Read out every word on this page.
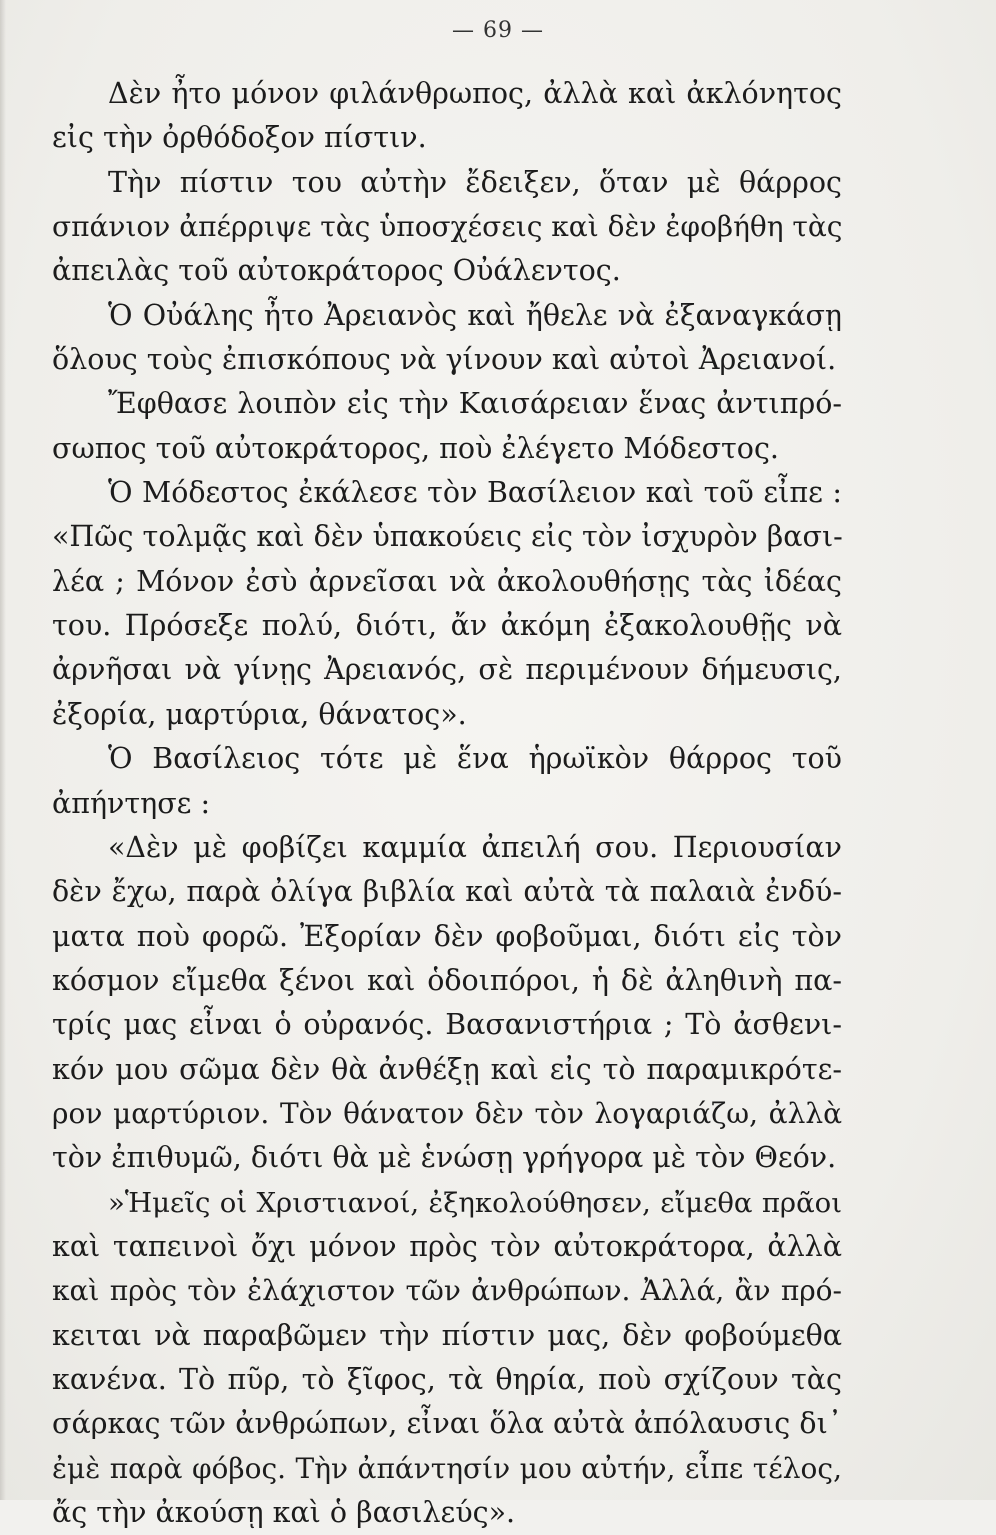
— 69 —
Δὲν ἦτο μόνον φιλάνθρωπος, ἀλλὰ καὶ ἀκλόνητος
εἰς τὴν ὀρθόδοξον πίστιν.
Τὴν πίστιν του αὐτὴν ἔδειξεν, ὅταν μὲ θάρρος
σπάνιον ἀπέρριψε τὰς ὑποσχέσεις καὶ δὲν ἐφοβήθη τὰς
ἀπειλὰς τοῦ αὐτοκράτορος Οὐάλεντος.
Ὁ Οὐάλης ἦτο Ἀρειανὸς καὶ ἤθελε νὰ ἐξαναγκάσῃ
ὅλους τοὺς ἐπισκόπους νὰ γίνουν καὶ αὐτοὶ Ἀρειανοί.
Ἔφθασε λοιπὸν εἰς τὴν Καισάρειαν ἕνας ἀντιπρό-
σωπος τοῦ αὐτοκράτορος, ποὺ ἐλέγετο Μόδεστος.
Ὁ Μόδεστος ἐκάλεσε τὸν Βασίλειον καὶ τοῦ εἶπε :
«Πῶς τολμᾷς καὶ δὲν ὑπακούεις εἰς τὸν ἰσχυρὸν βασι-
λέα ; Μόνον ἐσὺ ἀρνεῖσαι νὰ ἀκολουθήσῃς τὰς ἰδέας
του. Πρόσεξε πολύ, διότι, ἄν ἀκόμη ἐξακολουθῇς νὰ
ἀρνῆσαι νὰ γίνῃς Ἀρειανός, σὲ περιμένουν δήμευσις,
ἐξορία, μαρτύρια, θάνατος».
Ὁ Βασίλειος τότε μὲ ἕνα ἡρωϊκὸν θάρρος τοῦ
ἀπήντησε :
«Δὲν μὲ φοβίζει καμμία ἀπειλή σου. Περιουσίαν
δὲν ἔχω, παρὰ ὀλίγα βιβλία καὶ αὐτὰ τὰ παλαιὰ ἐνδύ-
ματα ποὺ φορῶ. Ἐξορίαν δὲν φοβοῦμαι, διότι εἰς τὸν
κόσμον εἴμεθα ξένοι καὶ ὁδοιπόροι, ἡ δὲ ἀληθινὴ πα-
τρίς μας εἶναι ὁ οὐρανός. Βασανιστήρια ; Τὸ ἀσθενι-
κόν μου σῶμα δὲν θὰ ἀνθέξῃ καὶ εἰς τὸ παραμικρότε-
ρον μαρτύριον. Τὸν θάνατον δὲν τὸν λογαριάζω, ἀλλὰ
τὸν ἐπιθυμῶ, διότι θὰ μὲ ἑνώσῃ γρήγορα μὲ τὸν Θεόν.
»Ἡμεῖς οἱ Χριστιανοί, ἐξηκολούθησεν, εἴμεθα πρᾶοι
καὶ ταπεινοὶ ὄχι μόνον πρὸς τὸν αὐτοκράτορα, ἀλλὰ
καὶ πρὸς τὸν ἐλάχιστον τῶν ἀνθρώπων. Ἀλλά, ἂν πρό-
κειται νὰ παραβῶμεν τὴν πίστιν μας, δὲν φοβούμεθα
κανένα. Τὸ πῦρ, τὸ ξῖφος, τὰ θηρία, ποὺ σχίζουν τὰς
σάρκας τῶν ἀνθρώπων, εἶναι ὅλα αὐτὰ ἀπόλαυσις δι᾿
ἐμὲ παρὰ φόβος. Τὴν ἀπάντησίν μου αὐτήν, εἶπε τέλος,
ἄς τὴν ἀκούσῃ καὶ ὁ βασιλεύς».
